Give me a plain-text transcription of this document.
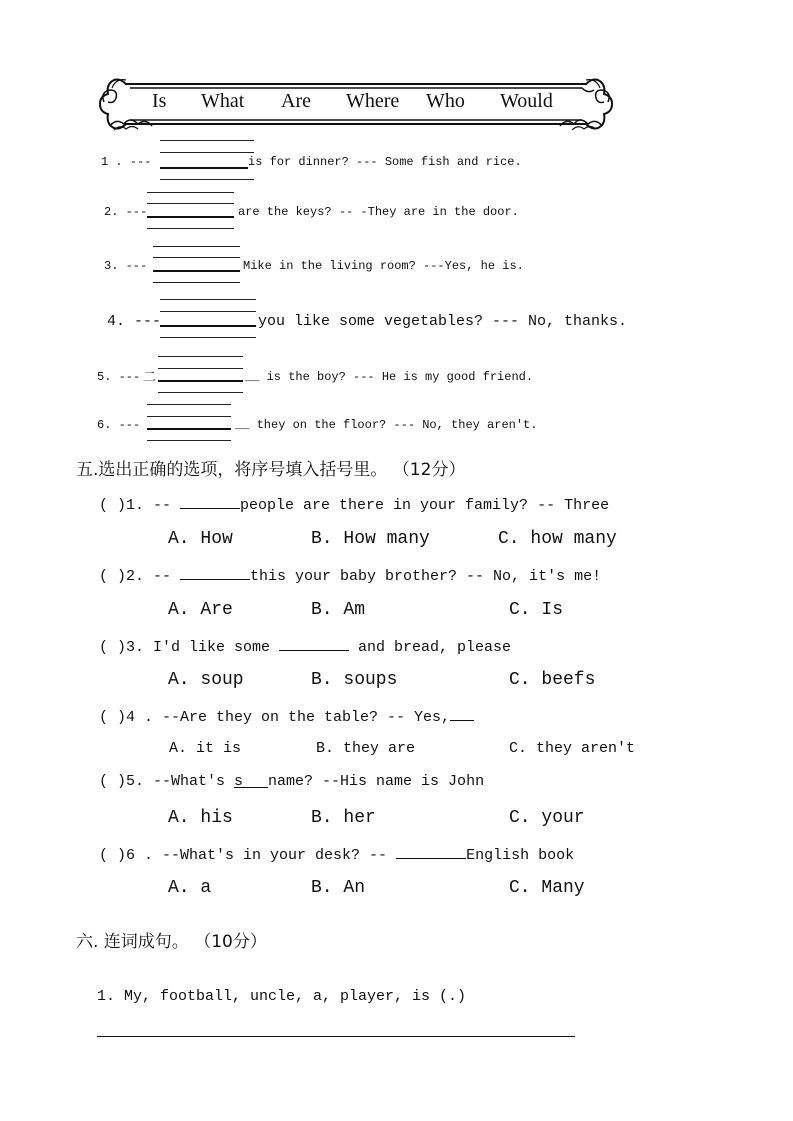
Is What Are Where Who Would
1 . ---	is for dinner? --- Some fish and rice.
2. ---	are the keys? -- -They are in the door.
3. ---	Mike in the living room? ---Yes, he is.
4. ---	you like some vegetables? --- No, thanks.
5. --- 二	__ is the boy? --- He is my good friend.
6. ---	__ they on the floor? --- No, they aren't.
五.选出正确的选项，将序号填入括号里。 （12分）
( )1. --	people are there in your family? -- Three
A. How	B. How many	C. how many
( )2. --	this your baby brother? -- No, it's me!
A. Are	B. Am	C. Is
( )3. I'd like some	and bread, please
A. soup	B. soups	C. beefs
( )4 . --Are they on the table? -- Yes,
A. it is	B. they are	C. they aren't
( )5. --What's s name? --His name is John
A. his	B. her	C. your
( )6 . --What's in your desk? --	English book
A. a	B. An	C. Many
六. 连词成句。 （10分）
1. My, football, uncle, a, player, is (.)
